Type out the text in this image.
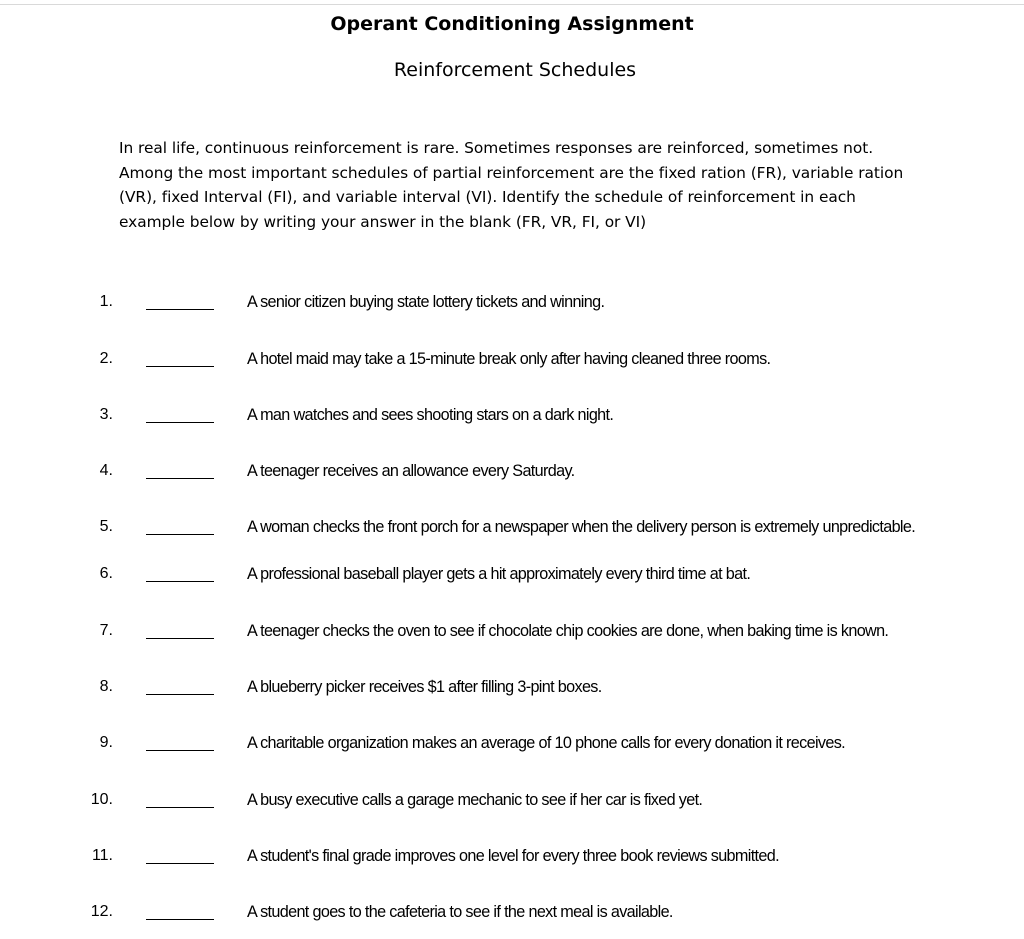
Operant Conditioning Assignment
Reinforcement Schedules
In real life, continuous reinforcement is rare. Sometimes responses are reinforced, sometimes not.
Among the most important schedules of partial reinforcement are the fixed ration (FR), variable ration
(VR), fixed Interval (FI), and variable interval (VI). Identify the schedule of reinforcement in each
example below by writing your answer in the blank (FR, VR, FI, or VI)
1.	A senior citizen buying state lottery tickets and winning.
2.	A hotel maid may take a 15-minute break only after having cleaned three rooms.
3.	A man watches and sees shooting stars on a dark night.
4.	A teenager receives an allowance every Saturday.
5.	A woman checks the front porch for a newspaper when the delivery person is extremely unpredictable.
6.	A professional baseball player gets a hit approximately every third time at bat.
7.	A teenager checks the oven to see if chocolate chip cookies are done, when baking time is known.
8.	A blueberry picker receives $1 after filling 3-pint boxes.
9.	A charitable organization makes an average of 10 phone calls for every donation it receives.
10.	A busy executive calls a garage mechanic to see if her car is fixed yet.
11.	A student's final grade improves one level for every three book reviews submitted.
12.	A student goes to the cafeteria to see if the next meal is available.
